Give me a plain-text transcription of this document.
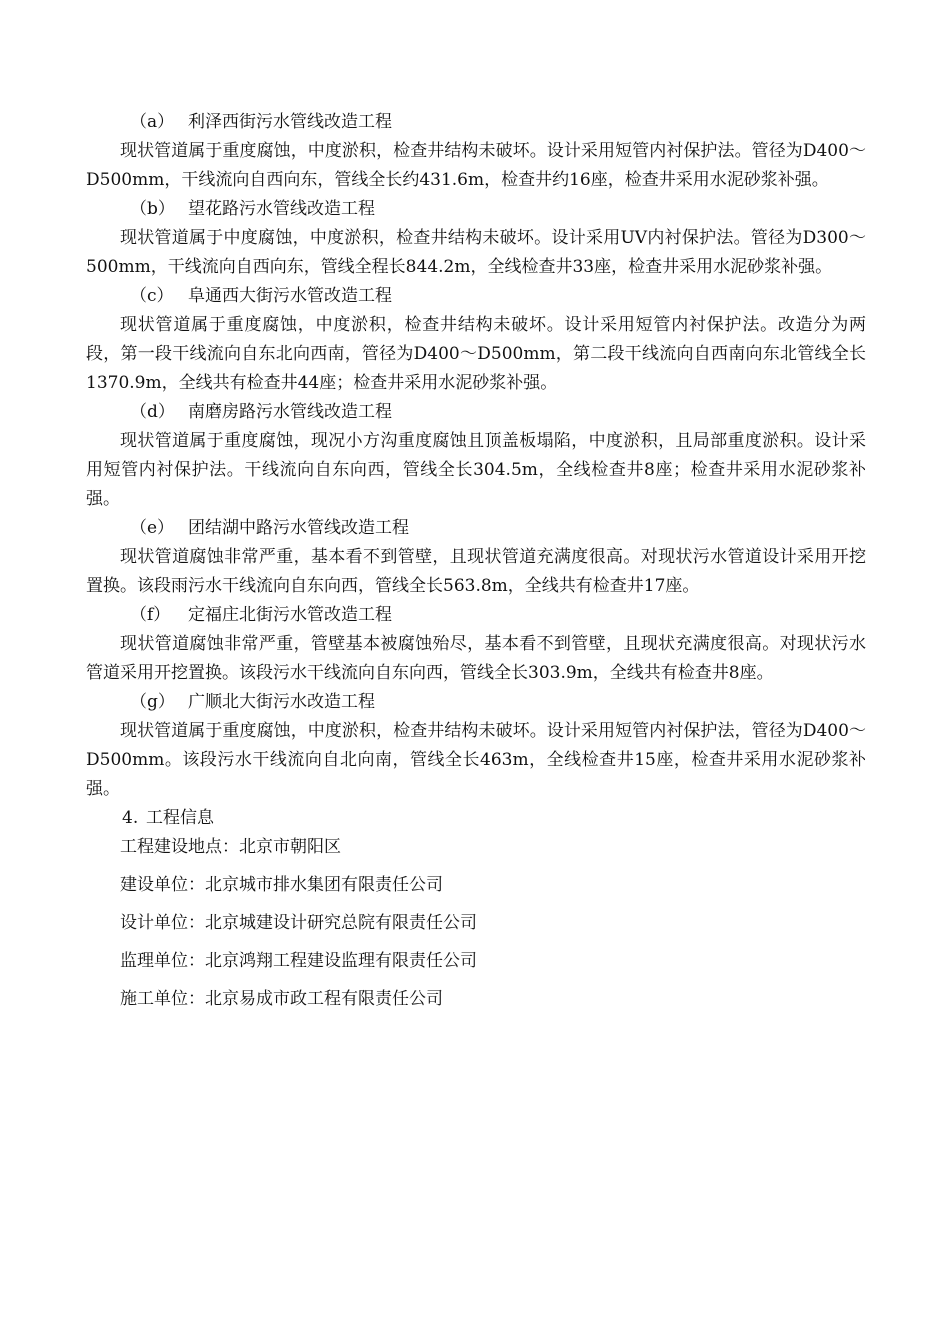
（a） 利泽西街污水管线改造工程

现状管道属于重度腐蚀，中度淤积，检查井结构未破坏。设计采用短管内衬保护法。管径为D400～D500mm，干线流向自西向东，管线全长约431.6m，检查井约16座，检查井采用水泥砂浆补强。

（b） 望花路污水管线改造工程

现状管道属于中度腐蚀，中度淤积，检查井结构未破坏。设计采用UV内衬保护法。管径为D300～500mm，干线流向自西向东，管线全程长844.2m，全线检查井33座，检查井采用水泥砂浆补强。

（c） 阜通西大街污水管改造工程

现状管道属于重度腐蚀，中度淤积，检查井结构未破坏。设计采用短管内衬保护法。改造分为两段，第一段干线流向自东北向西南，管径为D400～D500mm，第二段干线流向自西南向东北管线全长1370.9m，全线共有检查井44座；检查井采用水泥砂浆补强。

（d） 南磨房路污水管线改造工程

现状管道属于重度腐蚀，现况小方沟重度腐蚀且顶盖板塌陷，中度淤积，且局部重度淤积。设计采用短管内衬保护法。干线流向自东向西，管线全长304.5m，全线检查井8座；检查井采用水泥砂浆补强。

（e） 团结湖中路污水管线改造工程

现状管道腐蚀非常严重，基本看不到管壁，且现状管道充满度很高。对现状污水管道设计采用开挖置换。该段雨污水干线流向自东向西，管线全长563.8m，全线共有检查井17座。

（f） 定福庄北街污水管改造工程

现状管道腐蚀非常严重，管壁基本被腐蚀殆尽，基本看不到管壁，且现状充满度很高。对现状污水管道采用开挖置换。该段污水干线流向自东向西，管线全长303.9m，全线共有检查井8座。

（g） 广顺北大街污水改造工程

现状管道属于重度腐蚀，中度淤积，检查井结构未破坏。设计采用短管内衬保护法，管径为D400～D500mm。该段污水干线流向自北向南，管线全长463m，全线检查井15座，检查井采用水泥砂浆补强。

4. 工程信息
工程建设地点：北京市朝阳区
建设单位：北京城市排水集团有限责任公司
设计单位：北京城建设计研究总院有限责任公司
监理单位：北京鸿翔工程建设监理有限责任公司
施工单位：北京易成市政工程有限责任公司
